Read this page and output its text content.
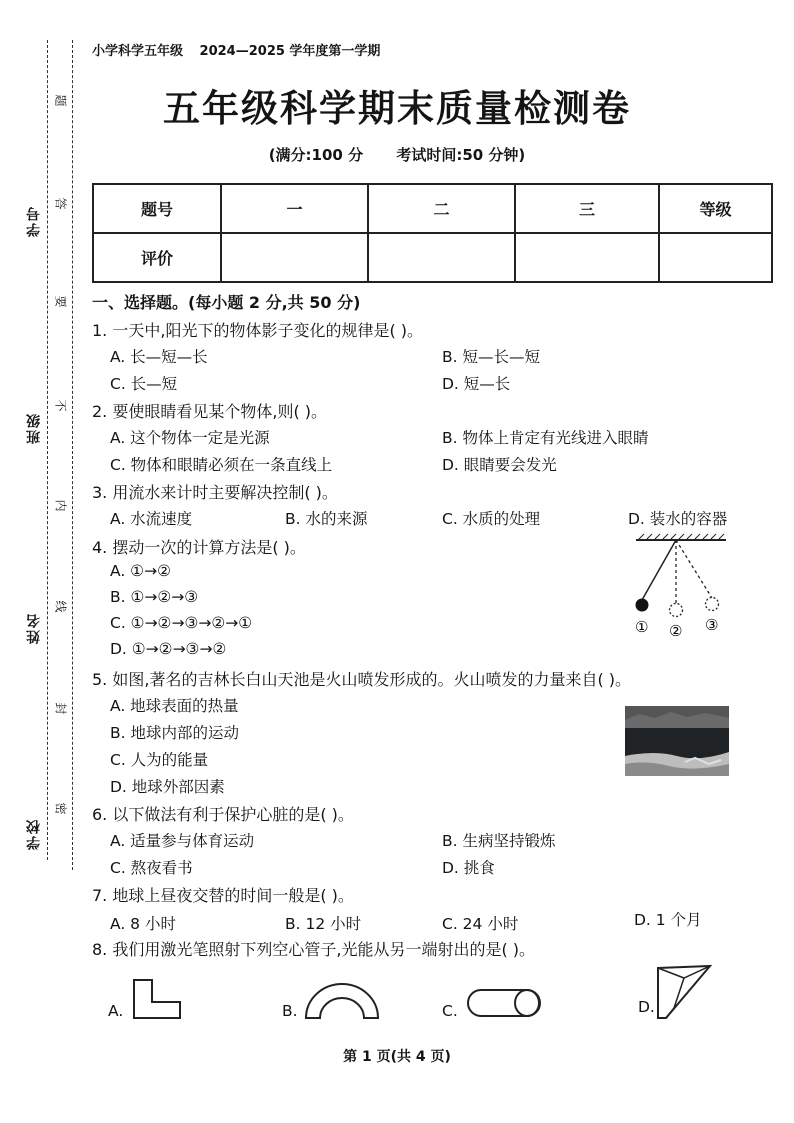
学号
班级
姓名
学校
题
答
要
不
内
线
封
密
小学科学五年级 2024—2025 学年度第一学期
五年级科学期末质量检测卷
(满分:100 分 考试时间:50 分钟)
题号	一	二	三	等级
评价				
一、选择题。(每小题 2 分,共 50 分)
1. 一天中,阳光下的物体影子变化的规律是( )。
A. 长—短—长	B. 短—长—短
C. 长—短	D. 短—长
2. 要使眼睛看见某个物体,则( )。
A. 这个物体一定是光源	B. 物体上肯定有光线进入眼睛
C. 物体和眼睛必须在一条直线上	D. 眼睛要会发光
3. 用流水来计时主要解决控制( )。
A. 水流速度	B. 水的来源	C. 水质的处理	D. 装水的容器
4. 摆动一次的计算方法是( )。
A. ①→②
B. ①→②→③
C. ①→②→③→②→①
D. ①→②→③→②
① ② ③
5. 如图,著名的吉林长白山天池是火山喷发形成的。火山喷发的力量来自( )。
A. 地球表面的热量
B. 地球内部的运动
C. 人为的能量
D. 地球外部因素
6. 以下做法有利于保护心脏的是( )。
A. 适量参与体育运动	B. 生病坚持锻炼
C. 熬夜看书	D. 挑食
7. 地球上昼夜交替的时间一般是( )。
A. 8 小时	B. 12 小时	C. 24 小时	D. 1 个月
8. 我们用激光笔照射下列空心管子,光能从另一端射出的是( )。
A.	B.	C.	D.
第 1 页(共 4 页)
